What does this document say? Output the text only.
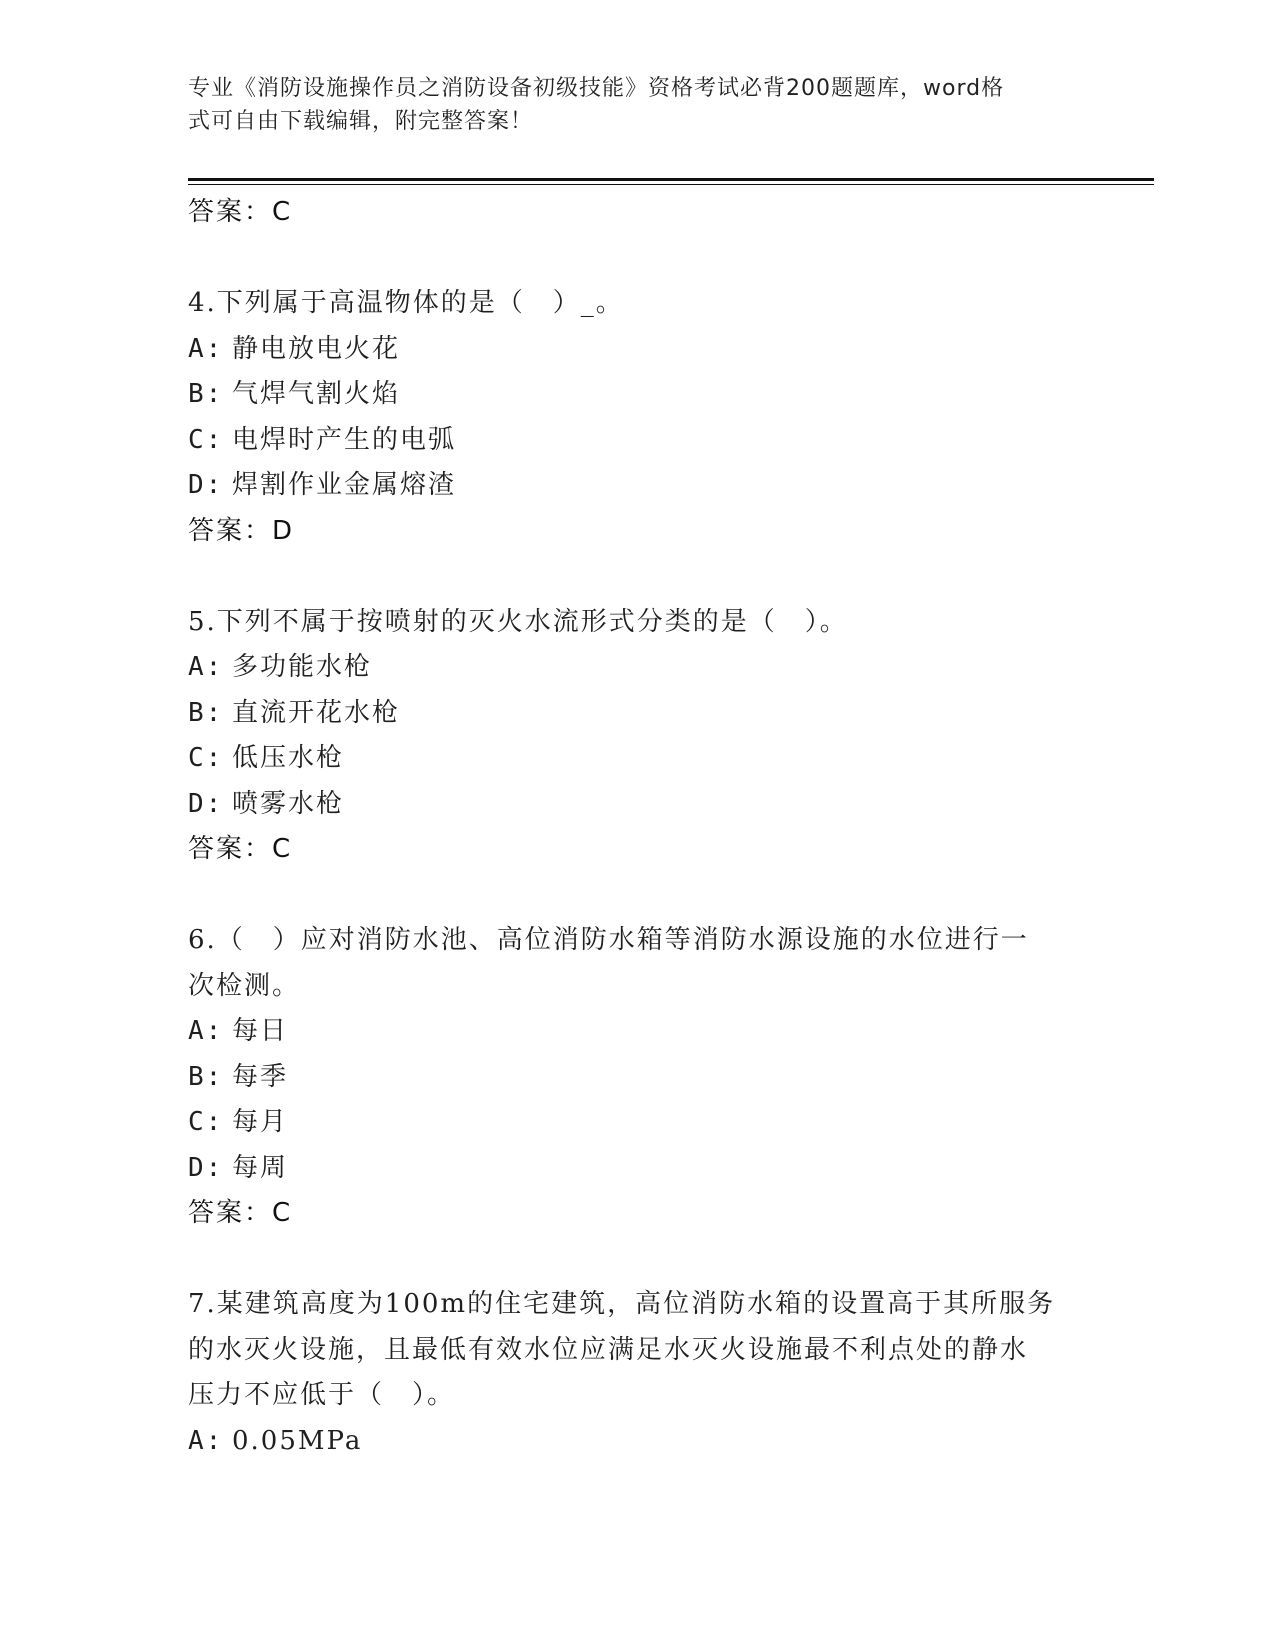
专业《消防设施操作员之消防设备初级技能》资格考试必背200题题库，word格
式可自由下载编辑，附完整答案！
答案：C
4.下列属于高温物体的是（　）_。
A: 静电放电火花
B: 气焊气割火焰
C: 电焊时产生的电弧
D: 焊割作业金属熔渣
答案：D
5.下列不属于按喷射的灭火水流形式分类的是（　）。
A: 多功能水枪
B: 直流开花水枪
C: 低压水枪
D: 喷雾水枪
答案：C
6.（　）应对消防水池、高位消防水箱等消防水源设施的水位进行一
次检测。
A: 每日
B: 每季
C: 每月
D: 每周
答案：C
7.某建筑高度为100m的住宅建筑，高位消防水箱的设置高于其所服务
的水灭火设施，且最低有效水位应满足水灭火设施最不利点处的静水
压力不应低于（　）。
A: 0.05MPa
